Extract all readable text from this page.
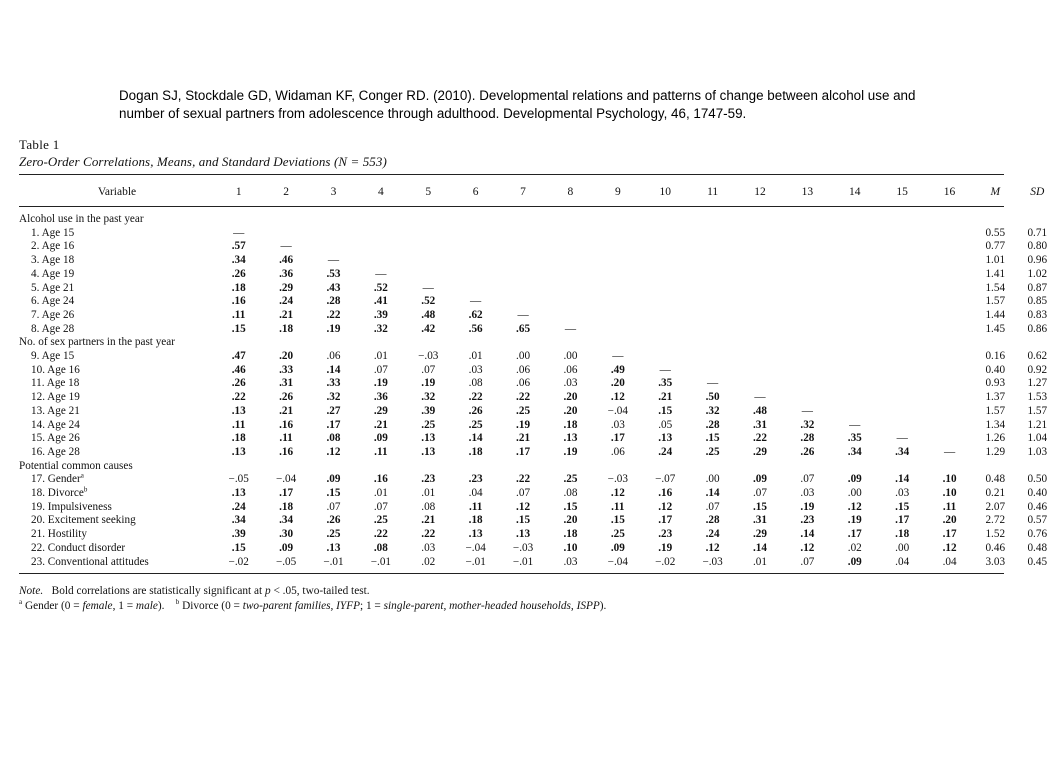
Dogan SJ, Stockdale GD, Widaman KF, Conger RD. (2010). Developmental relations and patterns of change between alcohol use and number of sexual partners from adolescence through adulthood. Developmental Psychology, 46, 1747-59.
Table 1
Zero-Order Correlations, Means, and Standard Deviations (N = 553)
Variable	1	2	3	4	5	6	7	8	9	10	11	12	13	14	15	16	M	SD

Alcohol use in the past year																		
1. Age 15	—																0.55	0.71
2. Age 16	.57	—															0.77	0.80
3. Age 18	.34	.46	—														1.01	0.96
4. Age 19	.26	.36	.53	—													1.41	1.02
5. Age 21	.18	.29	.43	.52	—												1.54	0.87
6. Age 24	.16	.24	.28	.41	.52	—											1.57	0.85
7. Age 26	.11	.21	.22	.39	.48	.62	—										1.44	0.83
8. Age 28	.15	.18	.19	.32	.42	.56	.65	—									1.45	0.86
No. of sex partners in the past year																		
9. Age 15	.47	.20	.06	.01	−.03	.01	.00	.00	—								0.16	0.62
10. Age 16	.46	.33	.14	.07	.07	.03	.06	.06	.49	—							0.40	0.92
11. Age 18	.26	.31	.33	.19	.19	.08	.06	.03	.20	.35	—						0.93	1.27
12. Age 19	.22	.26	.32	.36	.32	.22	.22	.20	.12	.21	.50	—					1.37	1.53
13. Age 21	.13	.21	.27	.29	.39	.26	.25	.20	−.04	.15	.32	.48	—				1.57	1.57
14. Age 24	.11	.16	.17	.21	.25	.25	.19	.18	.03	.05	.28	.31	.32	—			1.34	1.21
15. Age 26	.18	.11	.08	.09	.13	.14	.21	.13	.17	.13	.15	.22	.28	.35	—		1.26	1.04
16. Age 28	.13	.16	.12	.11	.13	.18	.17	.19	.06	.24	.25	.29	.26	.34	.34	—	1.29	1.03
Potential common causes																		
17. Gender$^a$	−.05	−.04	.09	.16	.23	.23	.22	.25	−.03	−.07	.00	.09	.07	.09	.14	.10	0.48	0.50
18. Divorce$^b$	.13	.17	.15	.01	.01	.04	.07	.08	.12	.16	.14	.07	.03	.00	.03	.10	0.21	0.40
19. Impulsiveness	.24	.18	.07	.07	.08	.11	.12	.15	.11	.12	.07	.15	.19	.12	.15	.11	2.07	0.46
20. Excitement seeking	.34	.34	.26	.25	.21	.18	.15	.20	.15	.17	.28	.31	.23	.19	.17	.20	2.72	0.57
21. Hostility	.39	.30	.25	.22	.22	.13	.13	.18	.25	.23	.24	.29	.14	.17	.18	.17	1.52	0.76
22. Conduct disorder	.15	.09	.13	.08	.03	−.04	−.03	.10	.09	.19	.12	.14	.12	.02	.00	.12	0.46	0.48
23. Conventional attitudes	−.02	−.05	−.01	−.01	.02	−.01	−.01	.03	−.04	−.02	−.03	.01	.07	.09	.04	.04	3.03	0.45
Note. Bold correlations are statistically significant at p < .05, two-tailed test.
$^a$ Gender (0 = female, 1 = male). $^b$ Divorce (0 = two-parent families, IYFP; 1 = single-parent, mother-headed households, ISPP).
